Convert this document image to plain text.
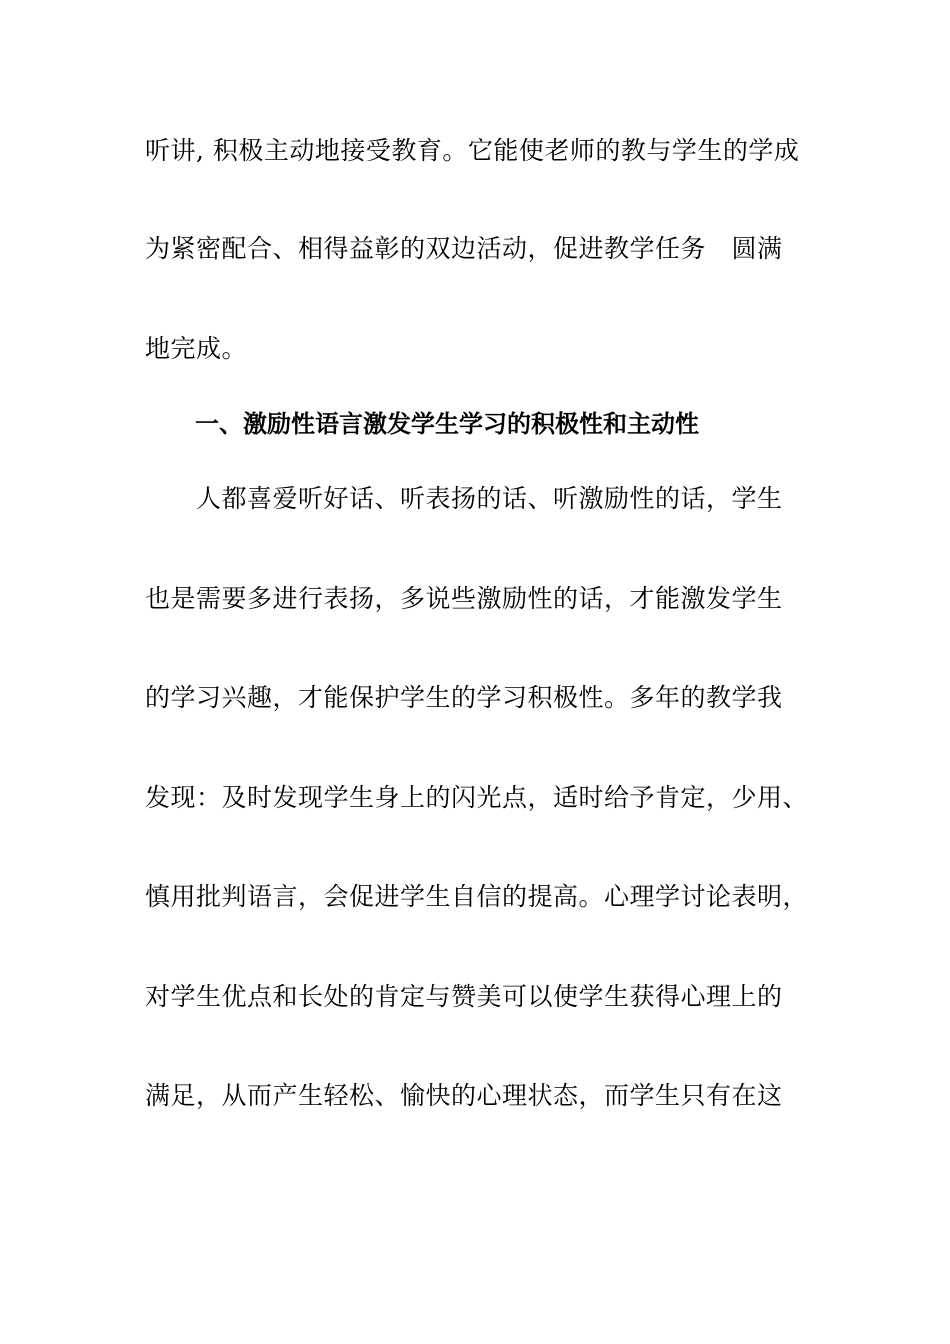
听讲, 积极主动地接受教育。它能使老师的教与学生的学成
为紧密配合、相得益彰的双边活动，促进教学任务　圆满
地完成。
一、激励性语言激发学生学习的积极性和主动性
人都喜爱听好话、听表扬的话、听激励性的话，学生
也是需要多进行表扬，多说些激励性的话，才能激发学生
的学习兴趣，才能保护学生的学习积极性。多年的教学我
发现：及时发现学生身上的闪光点，适时给予肯定，少用、
慎用批判语言，会促进学生自信的提高。心理学讨论表明，
对学生优点和长处的肯定与赞美可以使学生获得心理上的
满足，从而产生轻松、愉快的心理状态，而学生只有在这
